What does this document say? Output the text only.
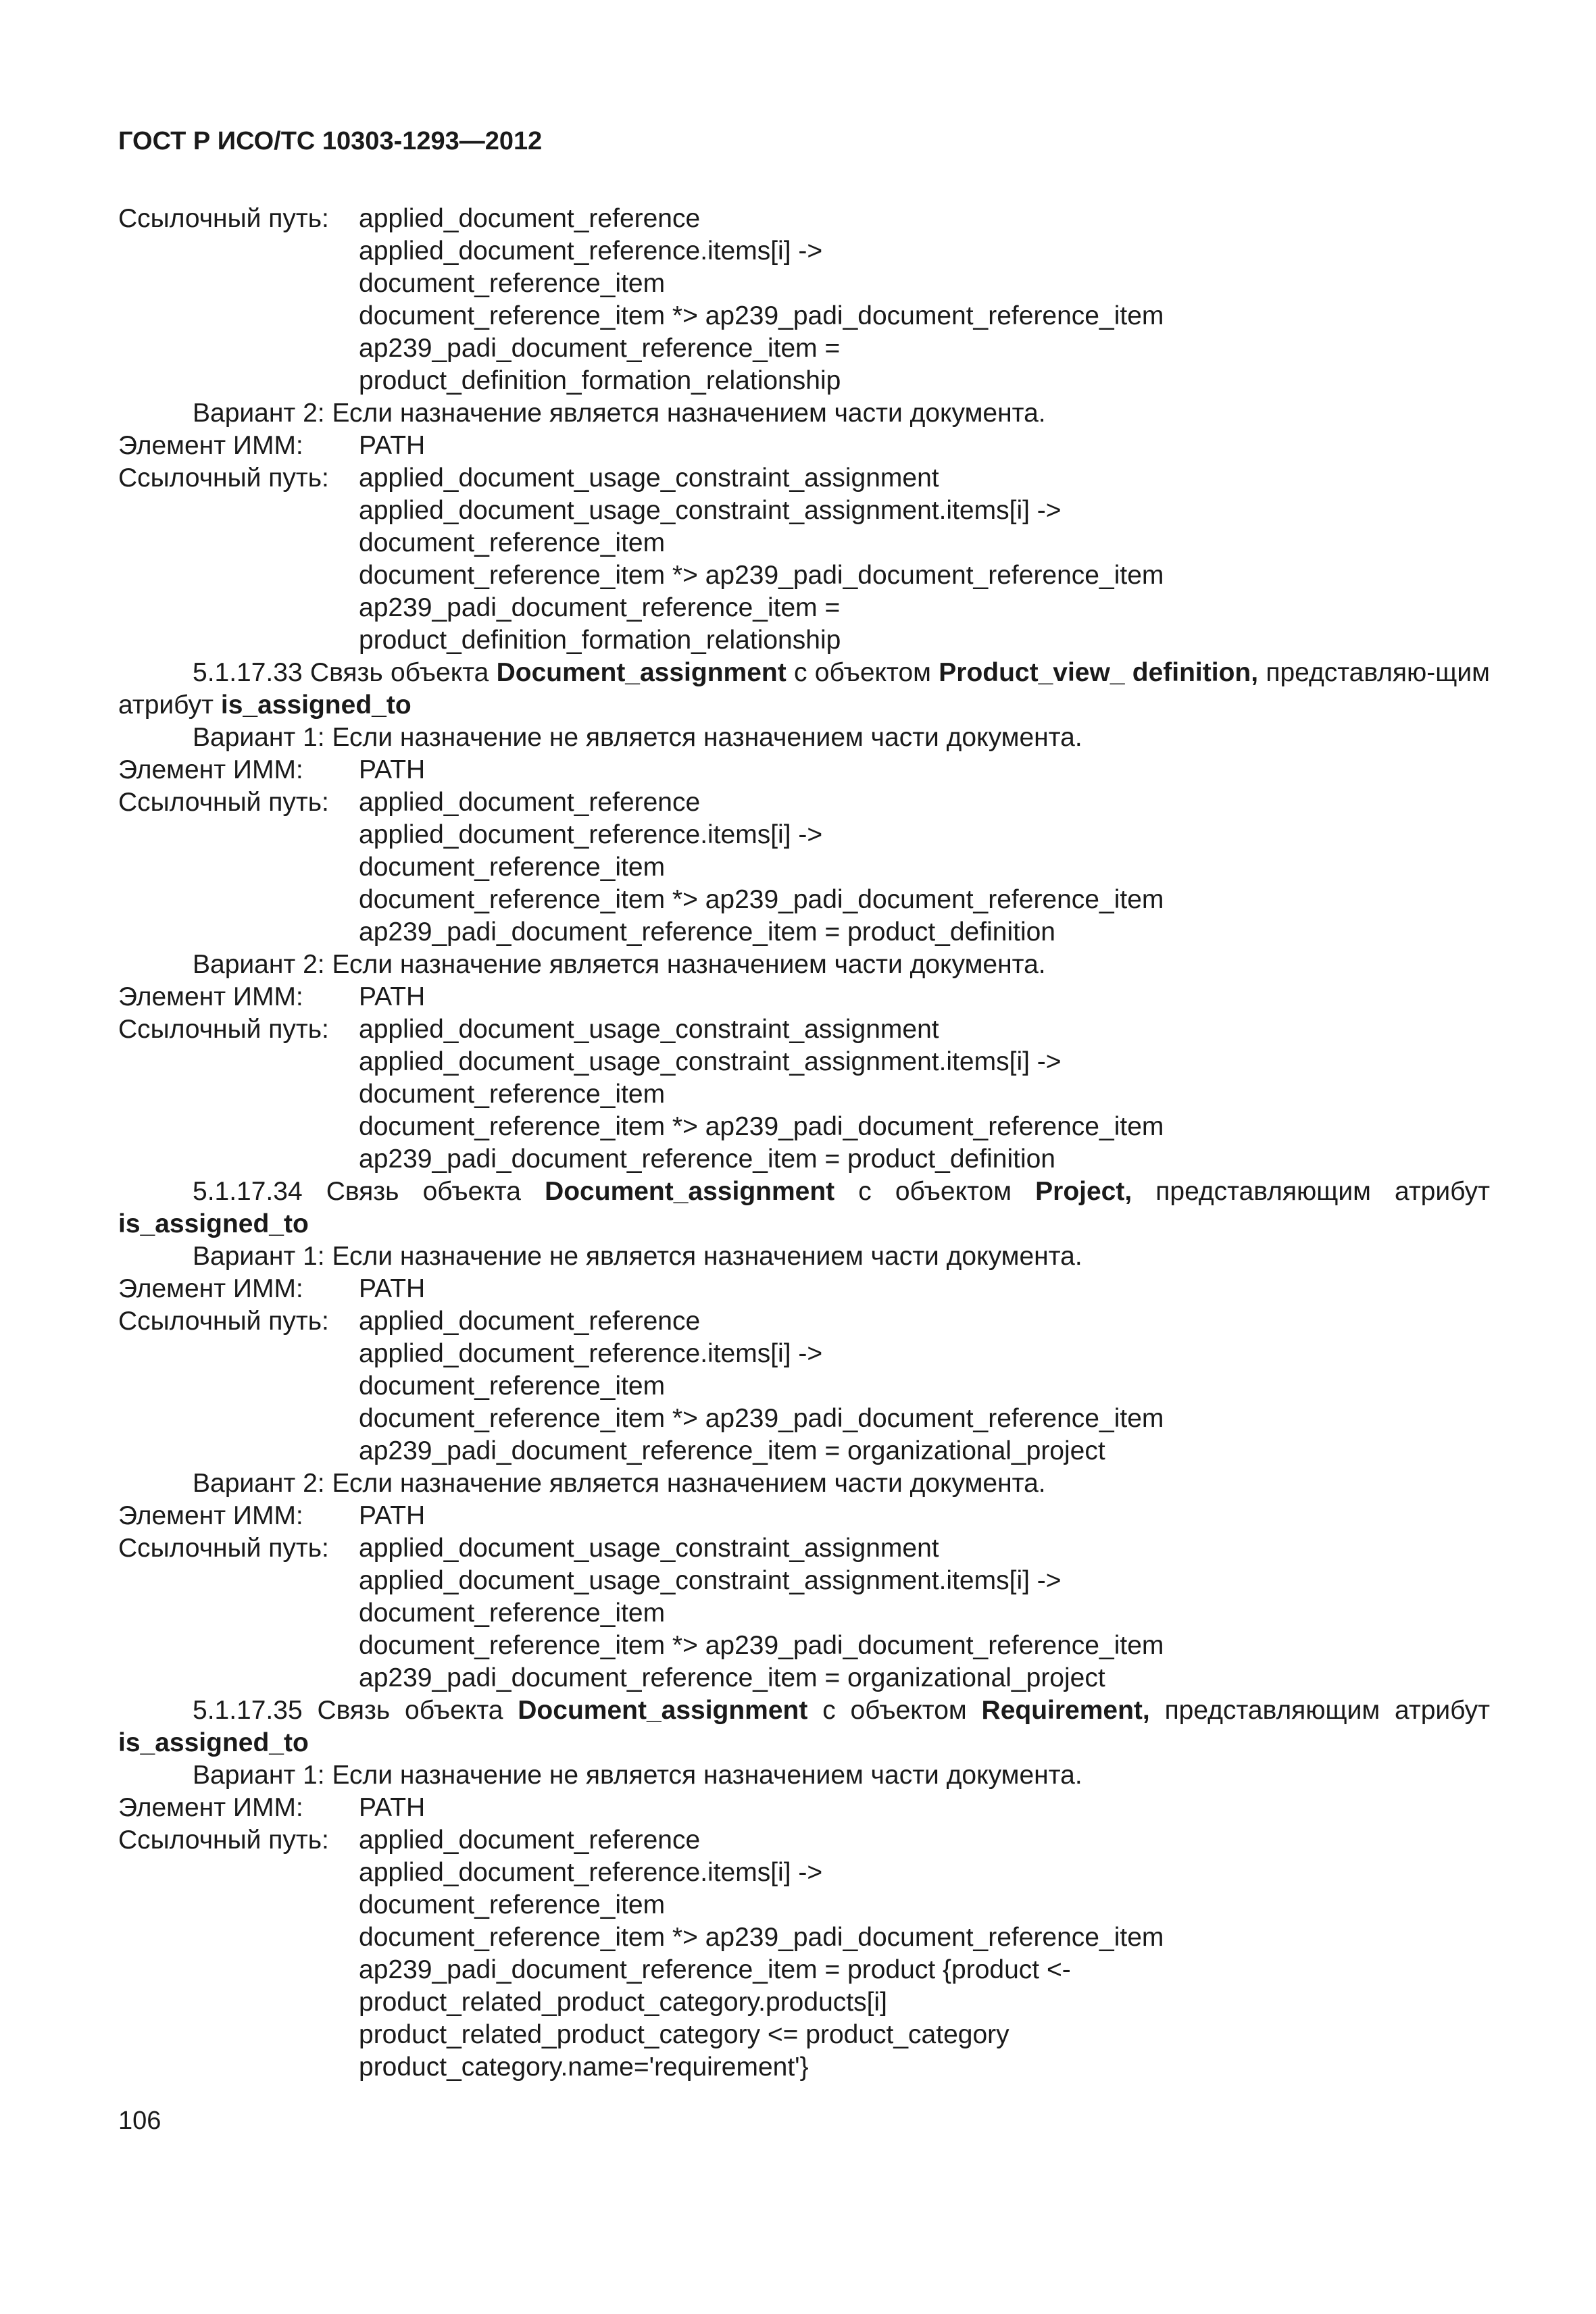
ГОСТ Р ИСО/ТС 10303-1293—2012
Ссылочный путь:	applied_document_reference
applied_document_reference.items[i] ->
document_reference_item
document_reference_item *> ap239_padi_document_reference_item
ap239_padi_document_reference_item =
product_definition_formation_relationship
Вариант 2: Если назначение является назначением части документа.
Элемент ИММ:	PATH
Ссылочный путь:	applied_document_usage_constraint_assignment
applied_document_usage_constraint_assignment.items[i] ->
document_reference_item
document_reference_item *> ap239_padi_document_reference_item
ap239_padi_document_reference_item =
product_definition_formation_relationship
5.1.17.33 Связь объекта Document_assignment с объектом Product_view_ definition, представляю-щим атрибут is_assigned_to
Вариант 1: Если назначение не является назначением части документа.
Элемент ИММ:	PATH
Ссылочный путь:	applied_document_reference
applied_document_reference.items[i] ->
document_reference_item
document_reference_item *> ap239_padi_document_reference_item
ap239_padi_document_reference_item = product_definition
Вариант 2: Если назначение является назначением части документа.
Элемент ИММ:	PATH
Ссылочный путь:	applied_document_usage_constraint_assignment
applied_document_usage_constraint_assignment.items[i] ->
document_reference_item
document_reference_item *> ap239_padi_document_reference_item
ap239_padi_document_reference_item = product_definition
5.1.17.34 Связь объекта Document_assignment с объектом Project, представляющим атрибут is_assigned_to
Вариант 1: Если назначение не является назначением части документа.
Элемент ИММ:	PATH
Ссылочный путь:	applied_document_reference
applied_document_reference.items[i] ->
document_reference_item
document_reference_item *> ap239_padi_document_reference_item
ap239_padi_document_reference_item = organizational_project
Вариант 2: Если назначение является назначением части документа.
Элемент ИММ:	PATH
Ссылочный путь:	applied_document_usage_constraint_assignment
applied_document_usage_constraint_assignment.items[i] ->
document_reference_item
document_reference_item *> ap239_padi_document_reference_item
ap239_padi_document_reference_item = organizational_project
5.1.17.35 Связь объекта Document_assignment с объектом Requirement, представляющим атрибут is_assigned_to
Вариант 1: Если назначение не является назначением части документа.
Элемент ИММ:	PATH
Ссылочный путь:	applied_document_reference
applied_document_reference.items[i] ->
document_reference_item
document_reference_item *> ap239_padi_document_reference_item
ap239_padi_document_reference_item = product {product <-
product_related_product_category.products[i]
product_related_product_category <= product_category
product_category.name='requirement'}
106
